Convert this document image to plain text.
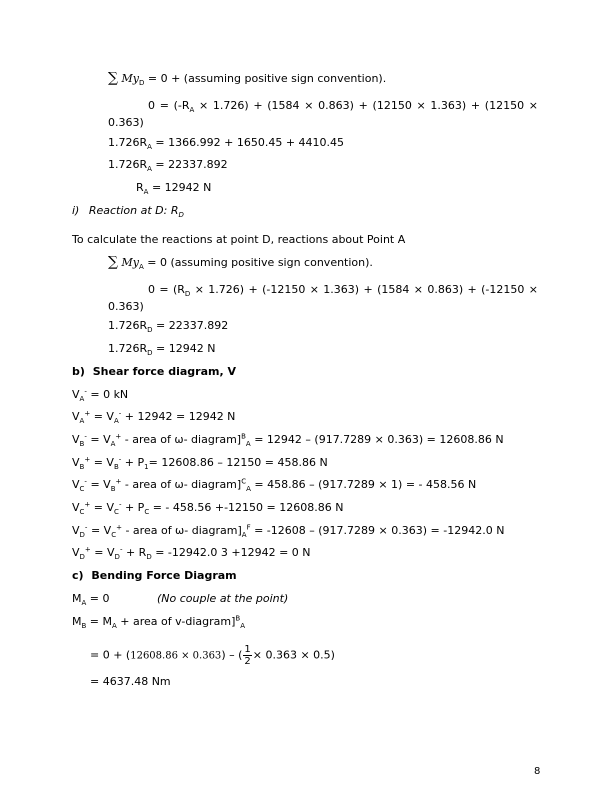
∑ $My_D = 0$ + (assuming positive sign convention).
$0 = (-R_A \times 1.726) + (1584 \times 0.863) + (12150 \times 1.363) + (12150 \times 0.363)$
$1.726R_A = 1366.992 + 1650.45 + 4410.45$
$1.726R_A = 22337.892$
$R_A = 12942$ N
i) Reaction at D: $R_D$
To calculate the reactions at point D, reactions about Point A
∑ $My_A = 0$ (assuming positive sign convention).
$0 = (R_D \times 1.726) + (-12150 \times 1.363) + (1584 \times 0.863) + (-12150 \times 0.363)$
$1.726R_D = 22337.892$
$1.726R_D = 12942$ N
b) Shear force diagram, V
$V_A^- = 0$ kN
$V_A^+ = V_A^- + 12942 = 12942$ N
$V_B^- = V_A^+$ - area of ω- diagram]$^B_A$ = 12942 – (917.7289 × 0.363) = 12608.86 N
$V_B^+ = V_B^- + P_1= 12608.86 - 12150 = 458.86$ N
$V_C^- = V_B^+$ - area of ω- diagram]$^C_A$ = 458.86 – (917.7289 × 1) = - 458.56 N
$V_C^+ = V_C^- + P_C$ = - 458.56 +-12150 = 12608.86 N
$V_D^- = V_C^+$ - area of ω- $diagram]_A^F = -12608 - (917.7289 \times 0.363) = -12942.0$ N
$V_D^+ = V_D^- + R_D = -12942.0$ 3 +12942 = 0 N
c) Bending Force Diagram
$M_A = 0$	(No couple at the point)
$M_B = M_A$ + area of v-diagram]$^B_A$
= 0 + (12608.86 × 0.363) – ( $\frac{1}{2} \times 0.363 \times 0.5$)
= 4637.48 Nm
8
